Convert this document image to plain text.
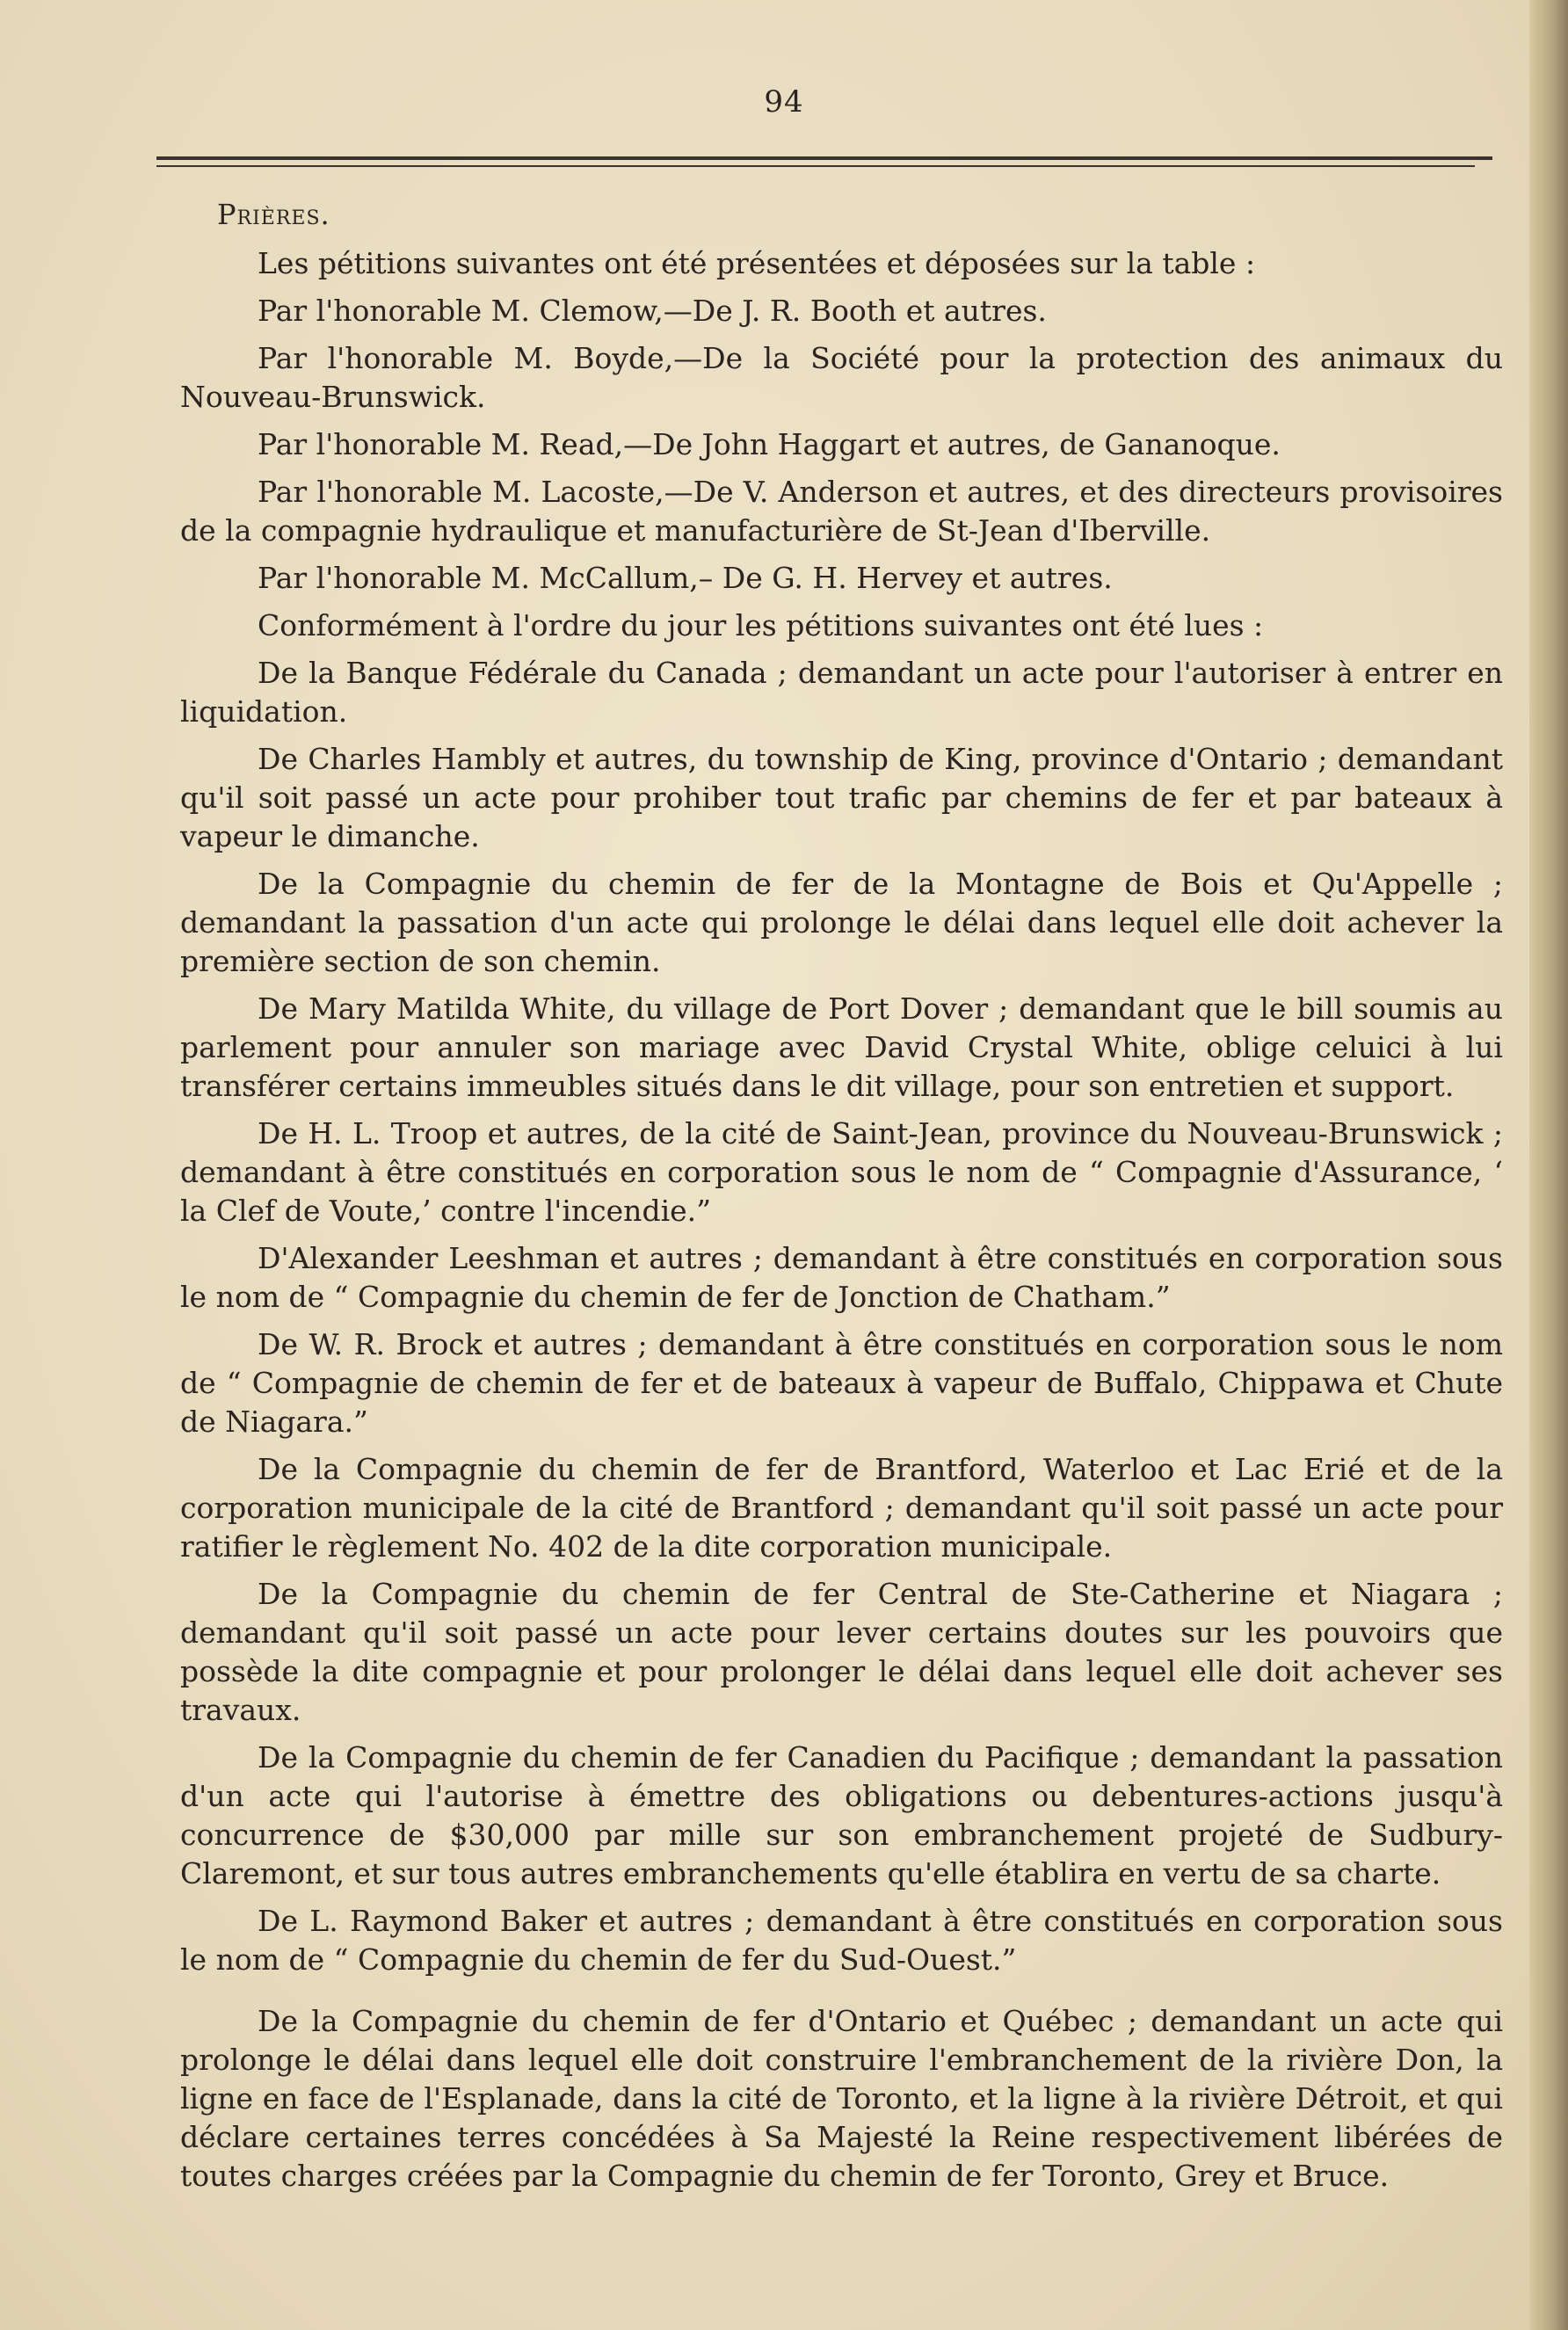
94
Prières.

Les pétitions suivantes ont été présentées et déposées sur la table :

Par l'honorable M. Clemow,—De J. R. Booth et autres.

Par l'honorable M. Boyde,—De la Société pour la protection des animaux du Nouveau-Brunswick.

Par l'honorable M. Read,—De John Haggart et autres, de Gananoque.

Par l'honorable M. Lacoste,—De V. Anderson et autres, et des directeurs provisoires de la compagnie hydraulique et manufacturière de St-Jean d'Iberville.

Par l'honorable M. McCallum,– De G. H. Hervey et autres.

Conformément à l'ordre du jour les pétitions suivantes ont été lues :

De la Banque Fédérale du Canada ; demandant un acte pour l'autoriser à entrer en liquidation.

De Charles Hambly et autres, du township de King, province d'Ontario ; demandant qu'il soit passé un acte pour prohiber tout trafic par chemins de fer et par bateaux à vapeur le dimanche.

De la Compagnie du chemin de fer de la Montagne de Bois et Qu'Appelle ; demandant la passation d'un acte qui prolonge le délai dans lequel elle doit achever la première section de son chemin.

De Mary Matilda White, du village de Port Dover ; demandant que le bill soumis au parlement pour annuler son mariage avec David Crystal White, oblige celuici à lui transférer certains immeubles situés dans le dit village, pour son entretien et support.

De H. L. Troop et autres, de la cité de Saint-Jean, province du Nouveau-Brunswick ; demandant à être constitués en corporation sous le nom de “ Compagnie d'Assurance, ‘ la Clef de Voute,’ contre l'incendie.”

D'Alexander Leeshman et autres ; demandant à être constitués en corporation sous le nom de “ Compagnie du chemin de fer de Jonction de Chatham.”

De W. R. Brock et autres ; demandant à être constitués en corporation sous le nom de “ Compagnie de chemin de fer et de bateaux à vapeur de Buffalo, Chippawa et Chute de Niagara.”

De la Compagnie du chemin de fer de Brantford, Waterloo et Lac Erié et de la corporation municipale de la cité de Brantford ; demandant qu'il soit passé un acte pour ratifier le règlement No. 402 de la dite corporation municipale.

De la Compagnie du chemin de fer Central de Ste-Catherine et Niagara ; demandant qu'il soit passé un acte pour lever certains doutes sur les pouvoirs que possède la dite compagnie et pour prolonger le délai dans lequel elle doit achever ses travaux.

De la Compagnie du chemin de fer Canadien du Pacifique ; demandant la passation d'un acte qui l'autorise à émettre des obligations ou debentures-actions jusqu'à concurrence de $30,000 par mille sur son embranchement projeté de Sudbury-Claremont, et sur tous autres embranchements qu'elle établira en vertu de sa charte.

De L. Raymond Baker et autres ; demandant à être constitués en corporation sous le nom de “ Compagnie du chemin de fer du Sud-Ouest.”

De la Compagnie du chemin de fer d'Ontario et Québec ; demandant un acte qui prolonge le délai dans lequel elle doit construire l'embranchement de la rivière Don, la ligne en face de l'Esplanade, dans la cité de Toronto, et la ligne à la rivière Détroit, et qui déclare certaines terres concédées à Sa Majesté la Reine respectivement libérées de toutes charges créées par la Compagnie du chemin de fer Toronto, Grey et Bruce.
